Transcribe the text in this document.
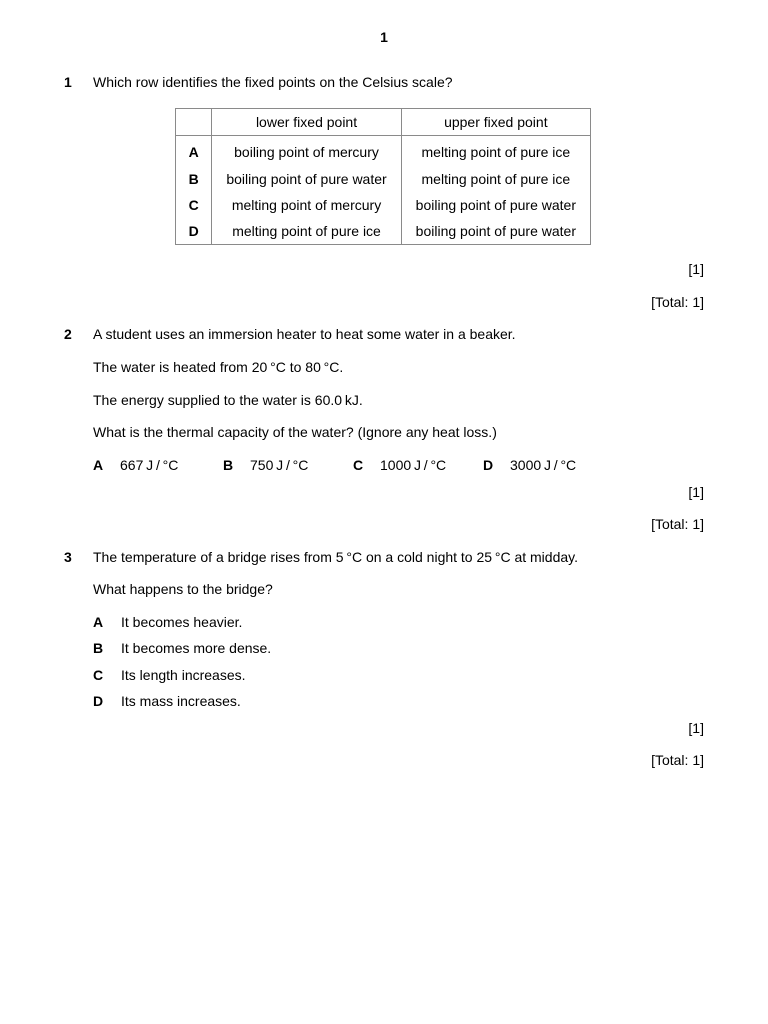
1
1 Which row identifies the fixed points on the Celsius scale?
	lower fixed point	upper fixed point
A	boiling point of mercury	melting point of pure ice
B	boiling point of pure water	melting point of pure ice
C	melting point of mercury	boiling point of pure water
D	melting point of pure ice	boiling point of pure water
[1]
[Total: 1]
2 A student uses an immersion heater to heat some water in a beaker.
The water is heated from 20 °C to 80 °C.
The energy supplied to the water is 60.0 kJ.
What is the thermal capacity of the water? (Ignore any heat loss.)
A 667 J / °C	B 750 J / °C	C 1000 J / °C	D 3000 J / °C
[1]
[Total: 1]
3 The temperature of a bridge rises from 5 °C on a cold night to 25 °C at midday.
What happens to the bridge?
A It becomes heavier.
B It becomes more dense.
C Its length increases.
D Its mass increases.
[1]
[Total: 1]
